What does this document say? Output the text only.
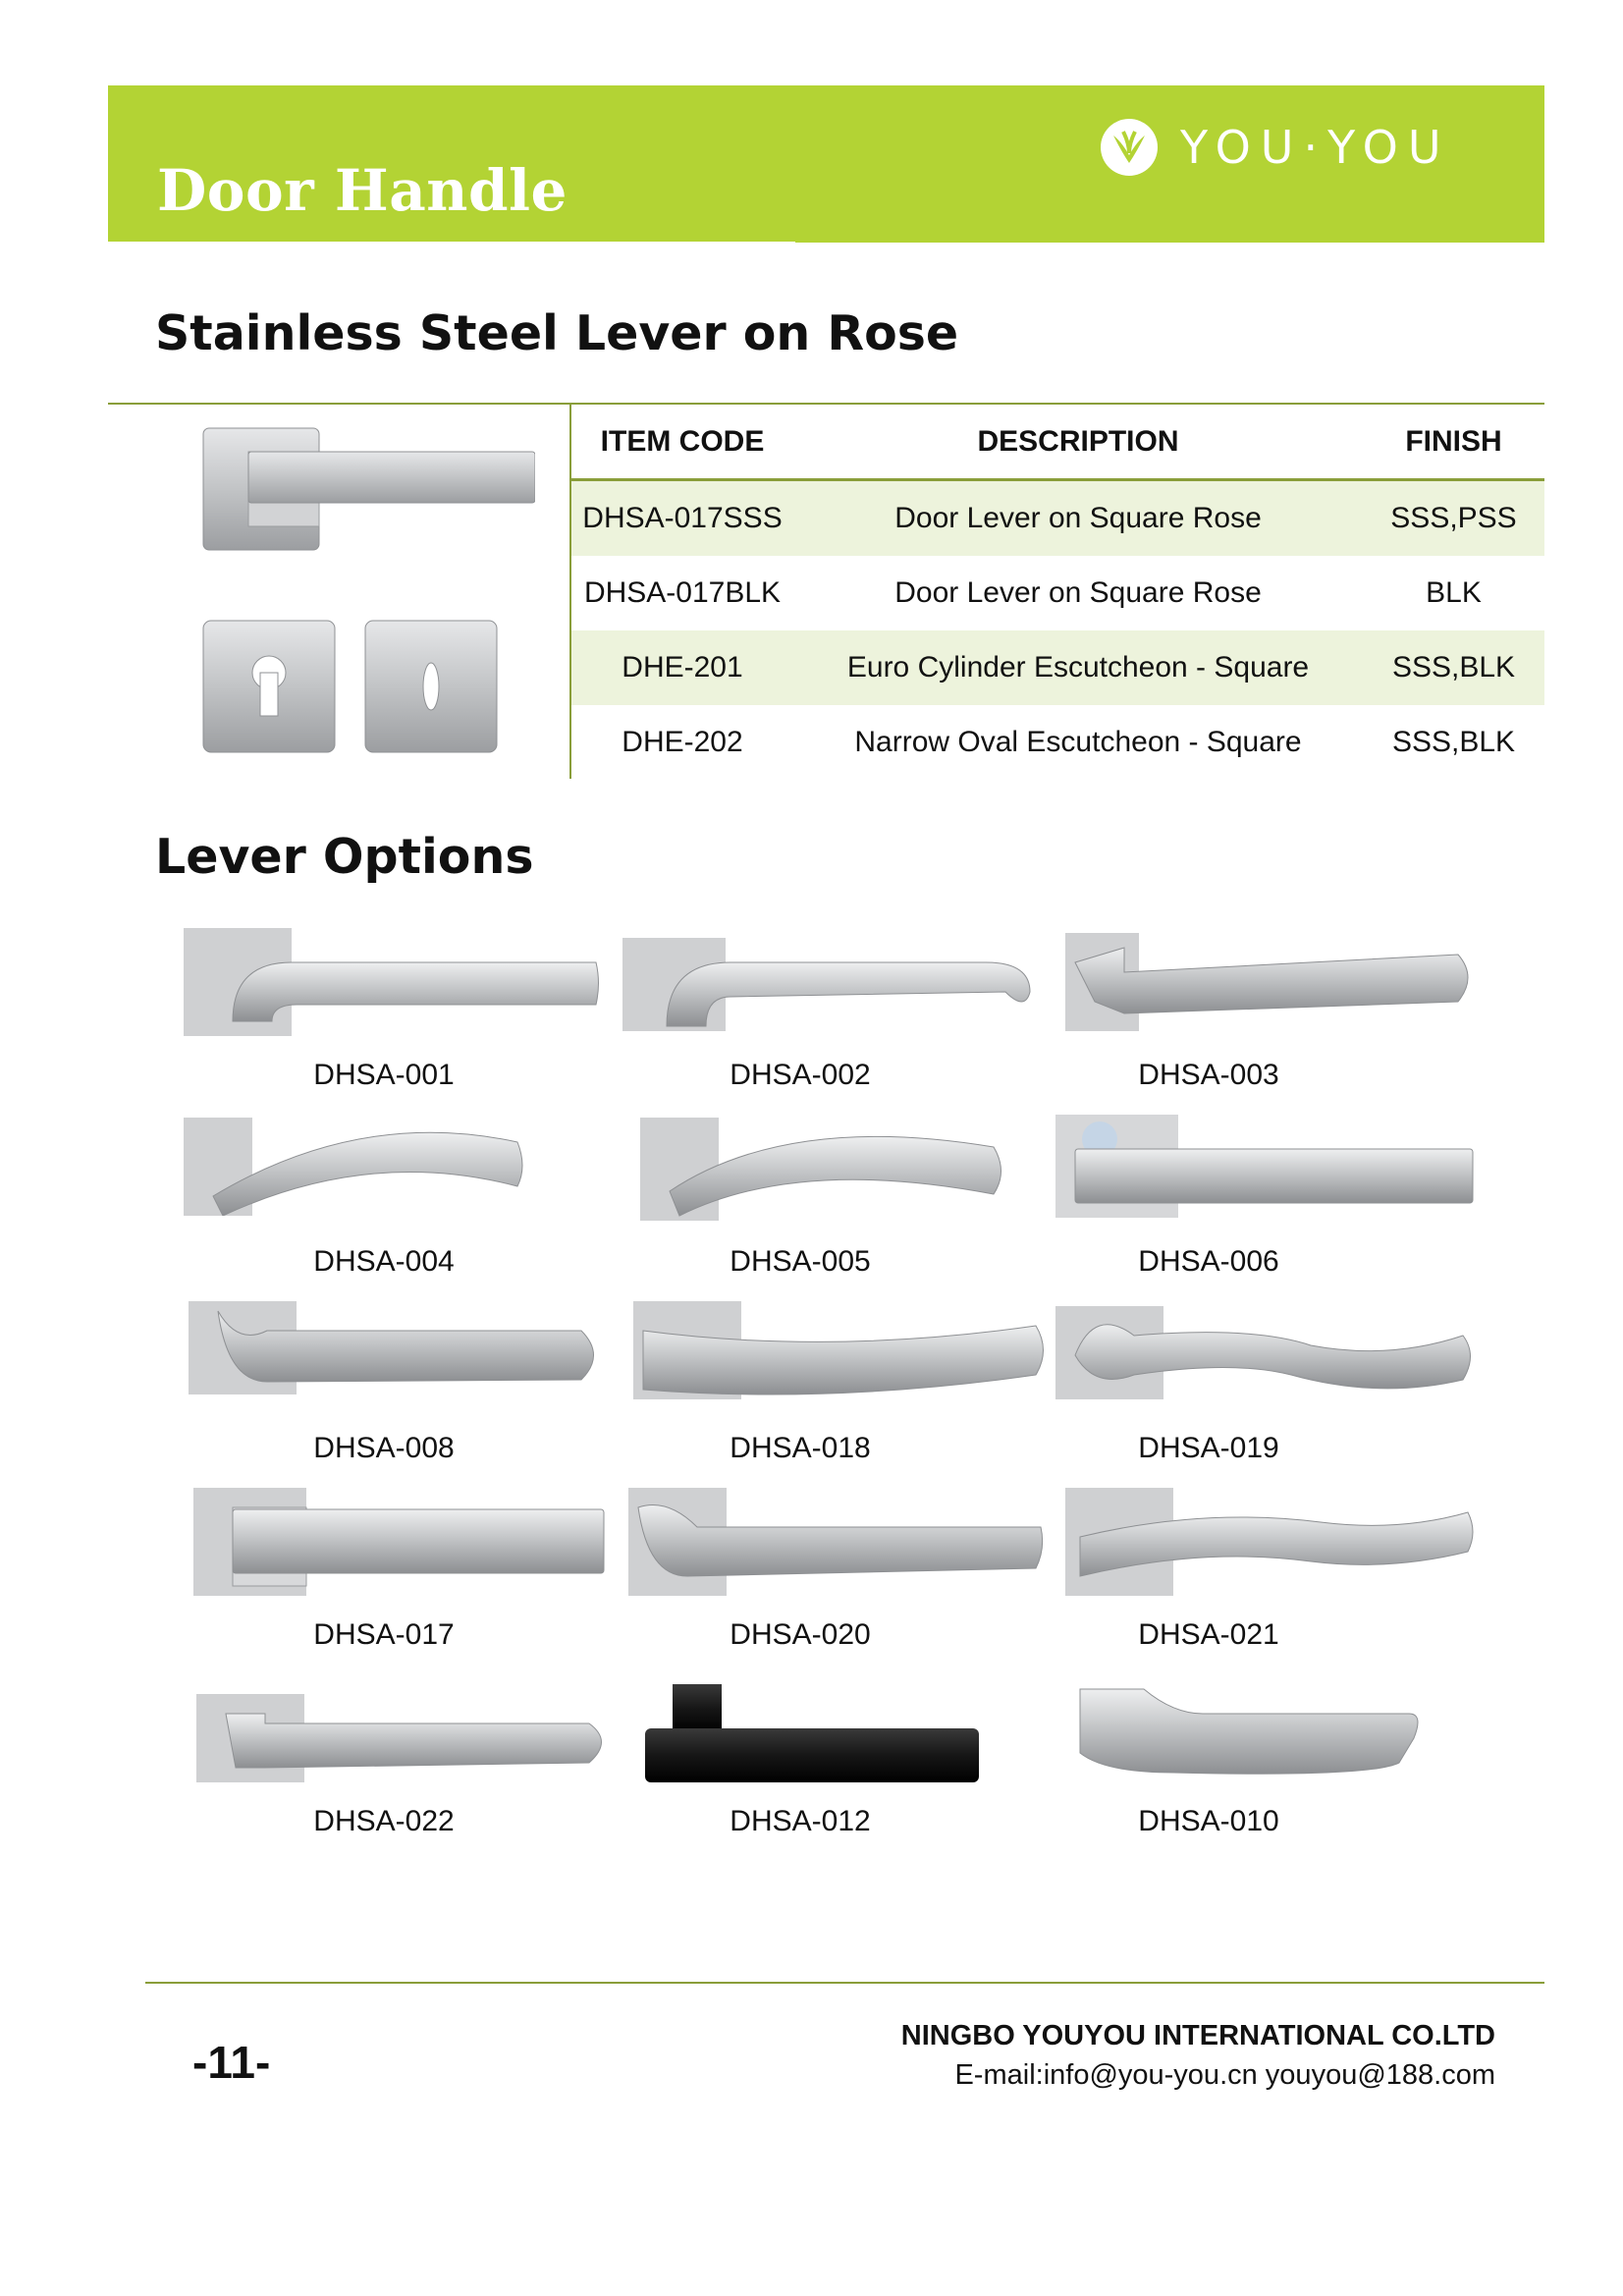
Door Handle
YOU·YOU
Stainless Steel Lever on Rose
ITEM CODE	DESCRIPTION	FINISH
DHSA-017SSS	Door Lever on Square Rose	SSS,PSS
DHSA-017BLK	Door Lever on Square Rose	BLK
DHE-201	Euro Cylinder Escutcheon - Square	SSS,BLK
DHE-202	Narrow Oval Escutcheon - Square	SSS,BLK
Lever Options
DHSA-001	DHSA-002	DHSA-003
DHSA-004	DHSA-005	DHSA-006
DHSA-008	DHSA-018	DHSA-019
DHSA-017	DHSA-020	DHSA-021
DHSA-022	DHSA-012	DHSA-010
-11-
NINGBO YOUYOU INTERNATIONAL CO.LTD
E-mail:info@you-you.cn youyou@188.com
